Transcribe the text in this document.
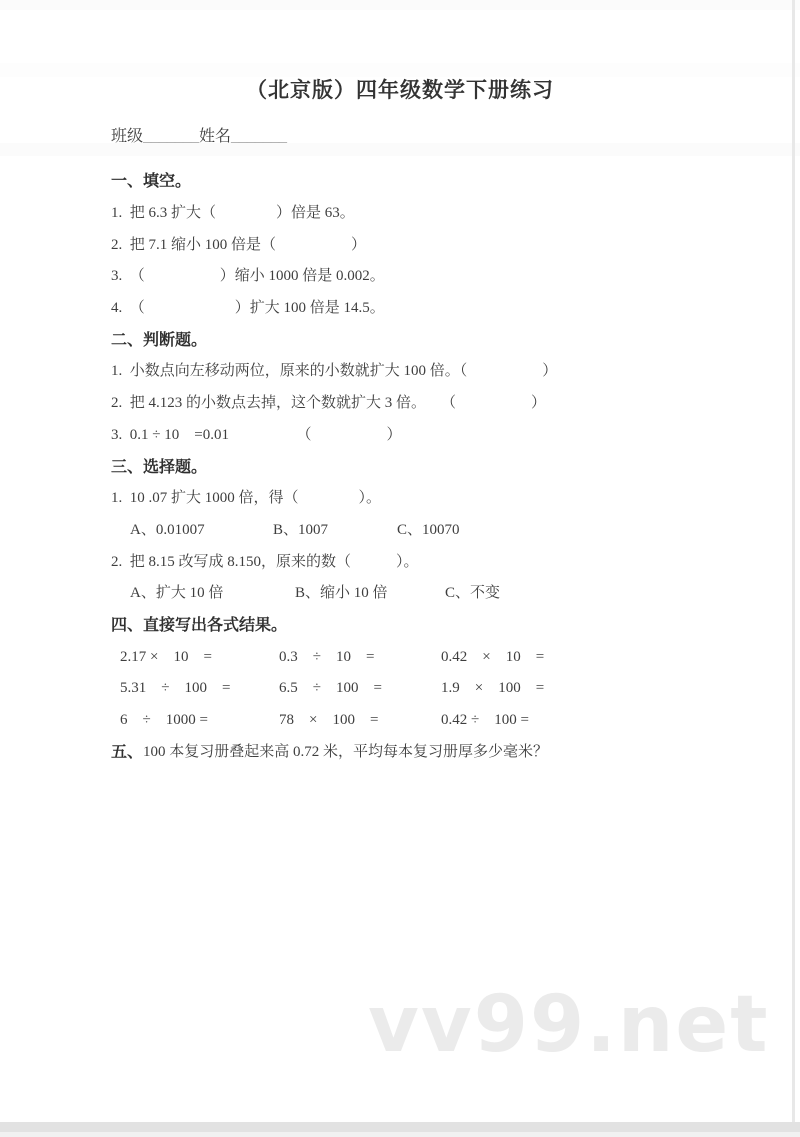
vv99.net
（北京版）四年级数学下册练习
班级_______姓名_______
一、填空。
1.  把 6.3 扩大（　　　　）倍是 63。
2.  把 7.1 缩小 100 倍是（　　　　　）
3.  （　　　　　）缩小 1000 倍是 0.002。
4.  （　　　　　　）扩大 100 倍是 14.5。
二、判断题。
1.  小数点向左移动两位，原来的小数就扩大 100 倍。（　　　　　）
2.  把 4.123 的小数点去掉，这个数就扩大 3 倍。　　（　　　　　）
3.  0.1 ÷ 10　=0.01　　　　　（　　　　　）
三、选择题。
1.  10 .07 扩大 1000 倍，得（　　　　）。
A、0.01007	B、1007	C、10070
2.  把 8.15 改写成 8.150，原来的数（　　　）。
A、扩大 10 倍	B、缩小 10 倍	C、不变
四、直接写出各式结果。
2.17 ×　10　=	0.3　÷　10　=	0.42　×　10　=
5.31　÷　100　=	6.5　÷　100　=	1.9　×　100　=
6　÷　1000 =	78　×　100　=	0.42 ÷　100 =
五、 100 本复习册叠起来高 0.72 米，平均每本复习册厚多少毫米？
